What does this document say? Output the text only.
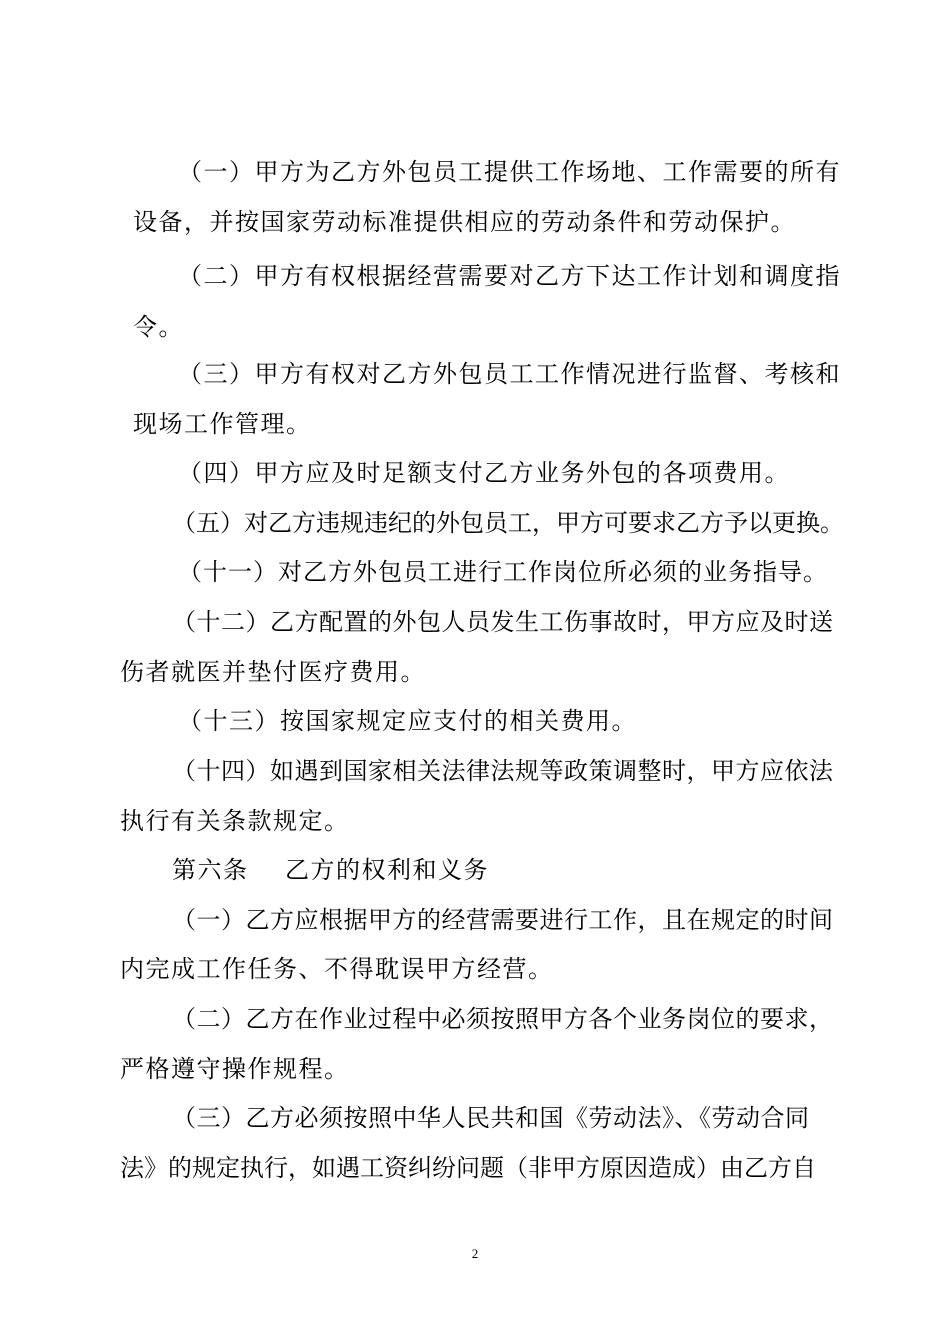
（一）甲方为乙方外包员工提供工作场地、工作需要的所有
设备，并按国家劳动标准提供相应的劳动条件和劳动保护。
（二）甲方有权根据经营需要对乙方下达工作计划和调度指
令。
（三）甲方有权对乙方外包员工工作情况进行监督、考核和
现场工作管理。
（四）甲方应及时足额支付乙方业务外包的各项费用。
（五）对乙方违规违纪的外包员工，甲方可要求乙方予以更换。
（十一）对乙方外包员工进行工作岗位所必须的业务指导。
（十二）乙方配置的外包人员发生工伤事故时，甲方应及时送
伤者就医并垫付医疗费用。
（十三）按国家规定应支付的相关费用。
（十四）如遇到国家相关法律法规等政策调整时，甲方应依法
执行有关条款规定。
第六条    乙方的权利和义务
（一）乙方应根据甲方的经营需要进行工作，且在规定的时间
内完成工作任务、不得耽误甲方经营。
（二）乙方在作业过程中必须按照甲方各个业务岗位的要求，
严格遵守操作规程。
（三）乙方必须按照中华人民共和国《劳动法》、《劳动合同
法》的规定执行，如遇工资纠纷问题（非甲方原因造成）由乙方自
2
